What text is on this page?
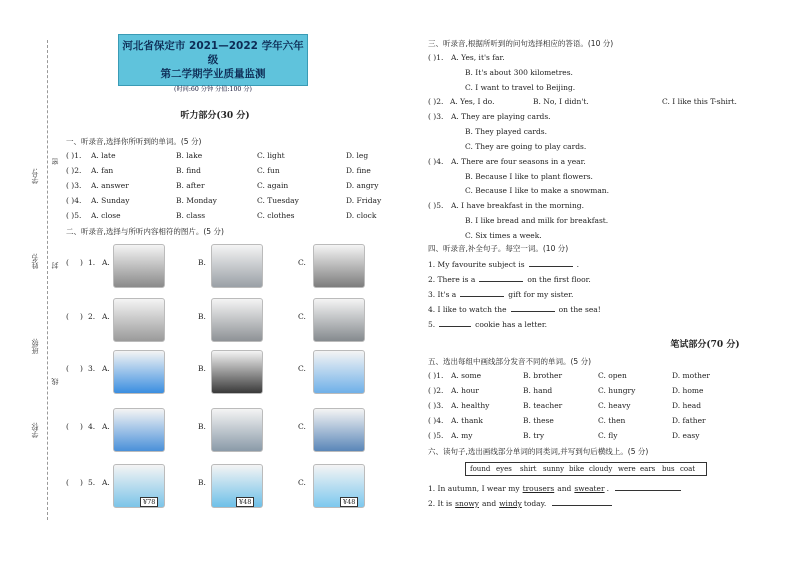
学号:
姓名:
班级:
学校:
密
封
线
河北省保定市 2021—2022 学年六年级
第二学期学业质量监测
(时间:60 分钟 分值:100 分)
听力部分(30 分)
一、听录音,选择你所听到的单词。(5 分)
( )1. A. late	B. lake	C. light	D. leg
( )2. A. fan	B. find	C. fun	D. fine
( )3. A. answer	B. after	C. again	D. angry
( )4. A. Sunday	B. Monday	C. Tuesday	D. Friday
( )5. A. close	B. class	C. clothes	D. clock
二、听录音,选择与所听内容相符的图片。(5 分)
( ) 1. A.	B.	C.
( ) 2. A.	B.	C.
( ) 3. A.	B.	C.
( ) 4. A.	B.	C.
( ) 5. A.	B.	C.
¥78	¥48	¥48
三、听录音,根据所听到的问句选择相应的答语。(10 分)
( )1. A. Yes, it's far.
B. It's about 300 kilometres.
C. I want to travel to Beijing.
( )2. A. Yes, I do.	B. No, I didn't.	C. I like this T-shirt.
( )3. A. They are playing cards.
B. They played cards.
C. They are going to play cards.
( )4. A. There are four seasons in a year.
B. Because I like to plant flowers.
C. Because I like to make a snowman.
( )5. A. I have breakfast in the morning.
B. I like bread and milk for breakfast.
C. Six times a week.
四、听录音,补全句子。每空一词。(10 分)
1. My favourite subject is	.
2. There is a	on the first floor.
3. It's a	gift for my sister.
4. I like to watch the	on the sea!
5.	cookie has a letter.
笔试部分(70 分)
五、选出每组中画线部分发音不同的单词。(5 分)
( )1. A. some	B. brother	C. open	D. mother
( )2. A. hour	B. hand	C. hungry	D. home
( )3. A. healthy	B. teacher	C. heavy	D. head
( )4. A. thank	B. these	C. then	D. father
( )5. A. my	B. try	C. fly	D. easy
六、读句子,选出画线部分单词的同类词,并写到句后横线上。(5 分)
found eyes shirt sunny bike cloudy were ears bus coat
1. In autumn, I wear my trousers and sweater .
2. It is snowy and windy today.
